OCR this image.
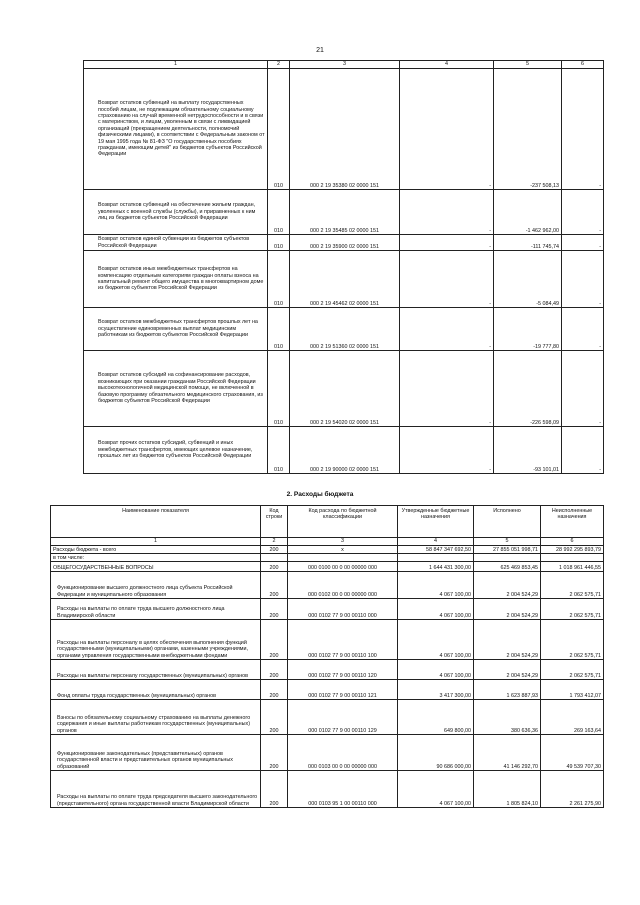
21
1	2	3	4	5	6
Возврат остатков субвенций на выплату государственных пособий лицам, не подлежащим обязательному социальному страхованию на случай временной нетрудоспособности и в связи с материнством, и лицам, уволенным в связи с ликвидацией организаций (прекращением деятельности, полномочий физическими лицами), в соответствии с Федеральным законом от 19 мая 1995 года № 81-ФЗ "О государственных пособиях гражданам, имеющим детей" из бюджетов субъектов Российской Федерации	010	000 2 19 35380 02 0000 151	-	-237 508,13	-
Возврат остатков субвенций на обеспечение жильем граждан, уволенных с военной службы (службы), и приравненных к ним лиц из бюджетов субъектов Российской Федерации	010	000 2 19 35485 02 0000 151	-	-1 462 962,00	-
Возврат остатков единой субвенции из бюджетов субъектов Российской Федерации	010	000 2 19 35900 02 0000 151	-	-111 745,74	-
Возврат остатков иных межбюджетных трансфертов на компенсацию отдельным категориям граждан оплаты взноса на капитальный ремонт общего имущества в многоквартирном доме из бюджетов субъектов Российской Федерации	010	000 2 19 45462 02 0000 151	-	-5 084,49	-
Возврат остатков межбюджетных трансфертов прошлых лет на осуществление единовременных выплат медицинским работникам из бюджетов субъектов Российской Федерации	010	000 2 19 51360 02 0000 151	-	-19 777,80	-
Возврат остатков субсидий на софинансирование расходов, возникающих при оказании гражданам Российской Федерации высокотехнологичной медицинской помощи, не включенной в базовую программу обязательного медицинского страхования, из бюджетов субъектов Российской Федерации	010	000 2 19 54020 02 0000 151	-	-226 598,09	-
Возврат прочих остатков субсидий, субвенций и иных межбюджетных трансфертов, имеющих целевое назначение, прошлых лет из бюджетов субъектов Российской Федерации	010	000 2 19 90000 02 0000 151	-	-93 101,01	-
2. Расходы бюджета
Наименование показателя	Код строки	Код расхода по бюджетной классификации	Утвержденные бюджетные назначения	Исполнено	Неисполненные назначения
1	2	3	4	5	6
Расходы бюджета - всего	200	x	58 847 347 692,50	27 855 051 998,71	28 992 295 893,79
в том числе:					
ОБЩЕГОСУДАРСТВЕННЫЕ ВОПРОСЫ	200	000 0100 00 0 00 00000 000	1 644 431 300,00	625 469 853,45	1 018 961 446,55
Функционирование высшего должностного лица субъекта Российской Федерации и муниципального образования	200	000 0102 00 0 00 00000 000	4 067 100,00	2 004 524,29	2 062 575,71
Расходы на выплаты по оплате труда высшего должностного лица Владимирской области	200	000 0102 77 9 00 00110 000	4 067 100,00	2 004 524,29	2 062 575,71
Расходы на выплаты персоналу в целях обеспечения выполнения функций государственными (муниципальными) органами, казенными учреждениями, органами управления государственными внебюджетными фондами	200	000 0102 77 9 00 00110 100	4 067 100,00	2 004 524,29	2 062 575,71
Расходы на выплаты персоналу государственных (муниципальных) органов	200	000 0102 77 9 00 00110 120	4 067 100,00	2 004 524,29	2 062 575,71
Фонд оплаты труда государственных (муниципальных) органов	200	000 0102 77 9 00 00110 121	3 417 300,00	1 623 887,93	1 793 412,07
Взносы по обязательному социальному страхованию на выплаты денежного содержания и иные выплаты работникам государственных (муниципальных) органов	200	000 0102 77 9 00 00110 129	649 800,00	380 636,36	269 163,64
Функционирование законодательных (представительных) органов государственной власти и представительных органов муниципальных образований	200	000 0103 00 0 00 00000 000	90 686 000,00	41 146 292,70	49 539 707,30
Расходы на выплаты по оплате труда председателя высшего законодательного (представительного) органа государственной власти Владимирской области	200	000 0103 95 1 00 00110 000	4 067 100,00	1 805 824,10	2 261 275,90
